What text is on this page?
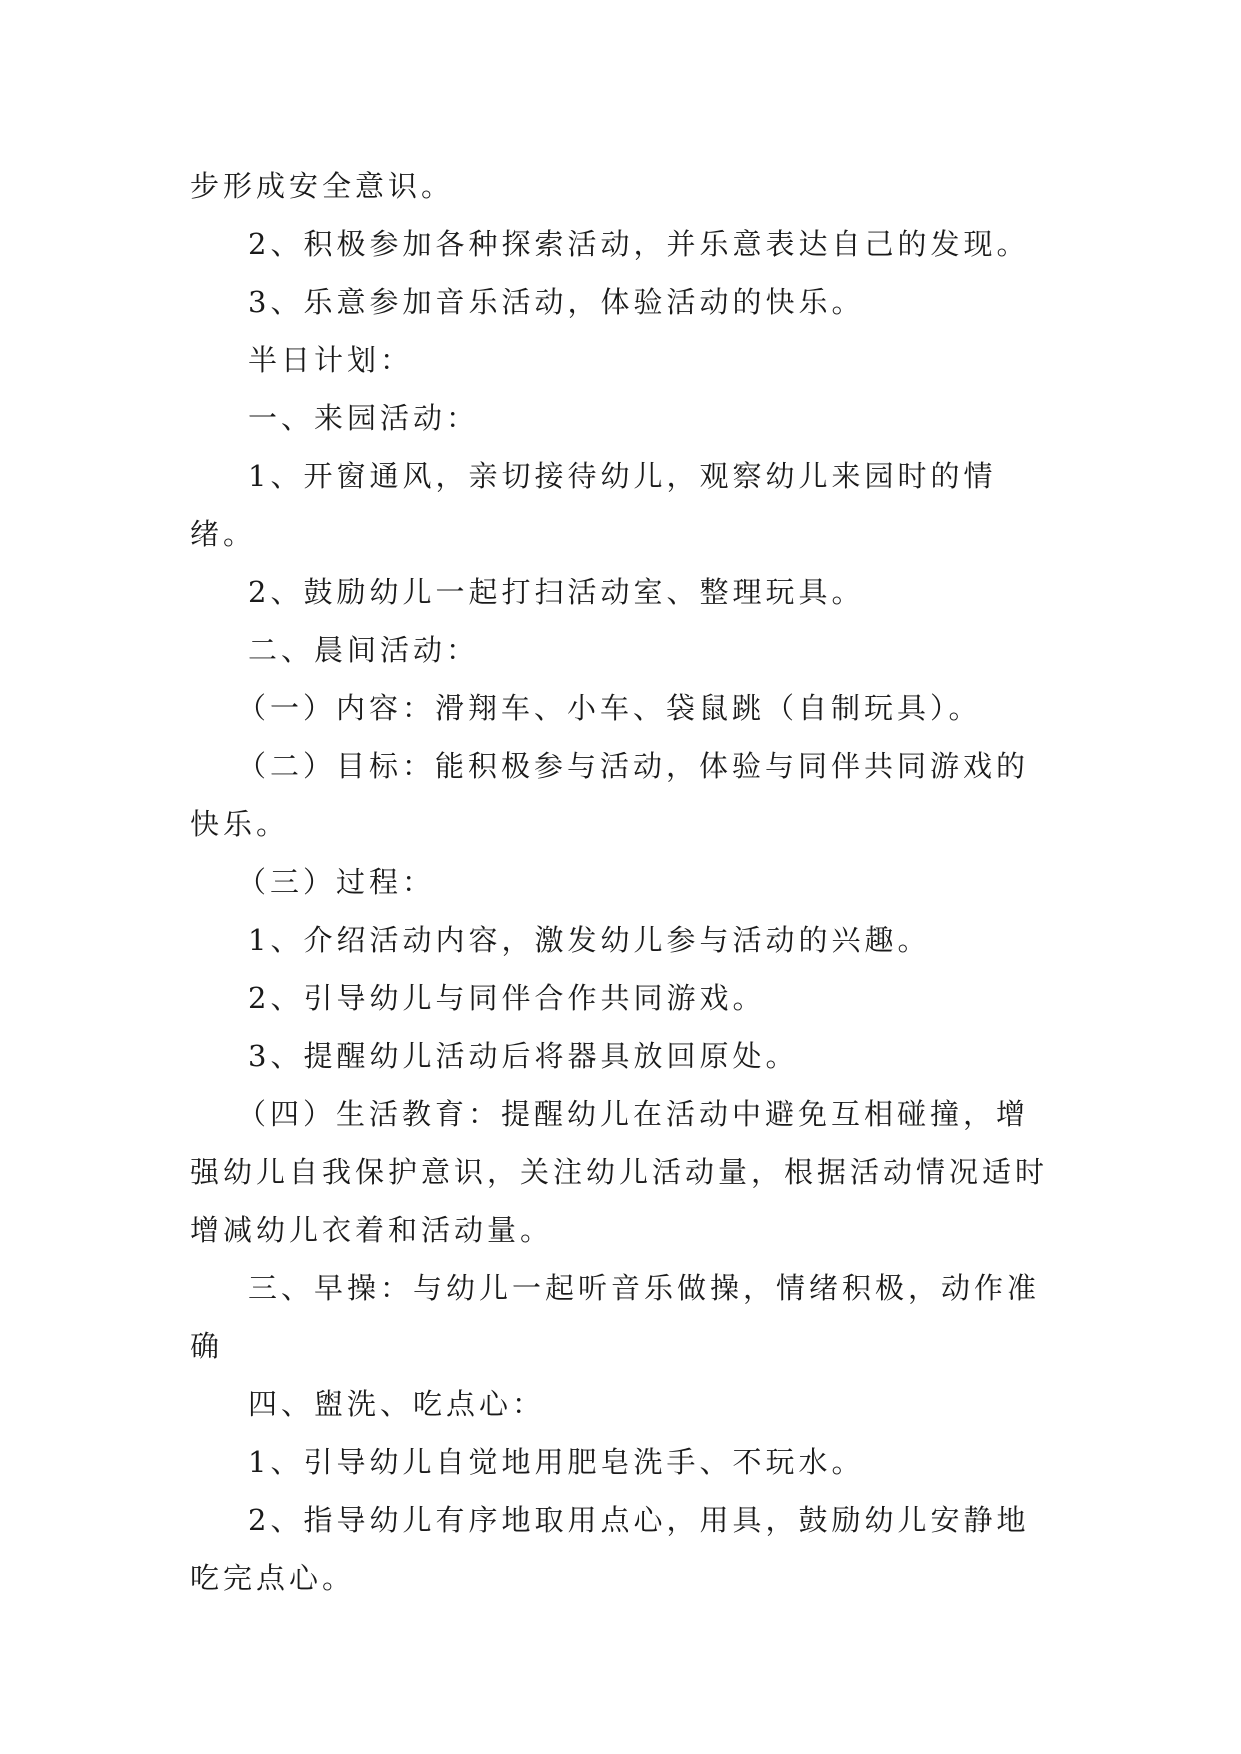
步形成安全意识。

2、积极参加各种探索活动，并乐意表达自己的发现。

3、乐意参加音乐活动，体验活动的快乐。

半日计划：

一、来园活动：

1、开窗通风，亲切接待幼儿，观察幼儿来园时的情绪。

2、鼓励幼儿一起打扫活动室、整理玩具。

二、晨间活动：

（一）内容：滑翔车、小车、袋鼠跳（自制玩具）。

（二）目标：能积极参与活动，体验与同伴共同游戏的快乐。

（三）过程：

1、介绍活动内容，激发幼儿参与活动的兴趣。

2、引导幼儿与同伴合作共同游戏。

3、提醒幼儿活动后将器具放回原处。

（四）生活教育：提醒幼儿在活动中避免互相碰撞，增强幼儿自我保护意识，关注幼儿活动量，根据活动情况适时增减幼儿衣着和活动量。

三、早操：与幼儿一起听音乐做操，情绪积极，动作准确

四、盥洗、吃点心：

1、引导幼儿自觉地用肥皂洗手、不玩水。

2、指导幼儿有序地取用点心，用具，鼓励幼儿安静地吃完点心。
